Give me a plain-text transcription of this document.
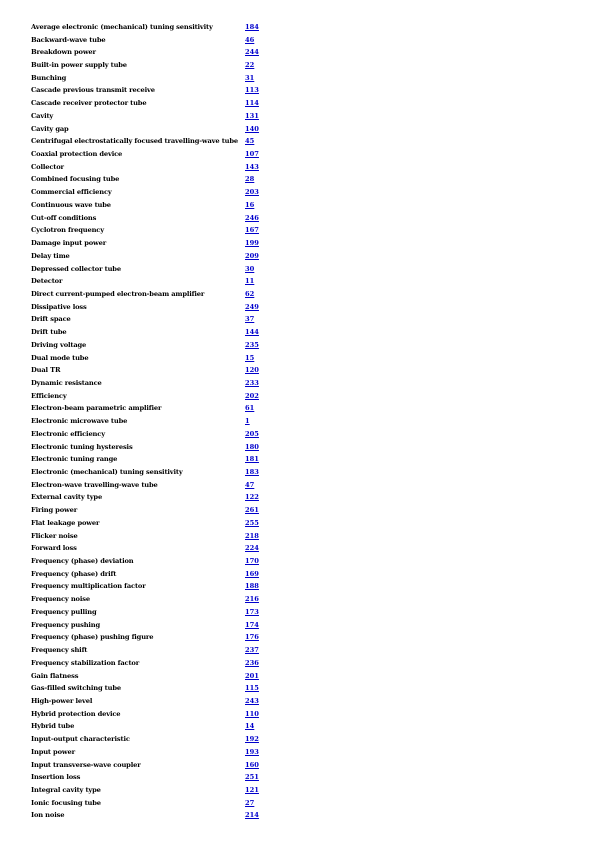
Average electronic (mechanical) tuning sensitivity	184
Backward-wave tube	46
Breakdown power	244
Built-in power supply tube	22
Bunching	31
Cascade previous transmit receive	113
Cascade receiver protector tube	114
Cavity	131
Cavity gap	140
Centrifugal electrostatically focused travelling-wave tube	45
Coaxial protection device	107
Collector	143
Combined focusing tube	28
Commercial efficiency	203
Continuous wave tube	16
Cut-off conditions	246
Cyclotron frequency	167
Damage input power	199
Delay time	209
Depressed collector tube	30
Detector	11
Direct current-pumped electron-beam amplifier	62
Dissipative loss	249
Drift space	37
Drift tube	144
Driving voltage	235
Dual mode tube	15
Dual TR	120
Dynamic resistance	233
Efficiency	202
Electron-beam parametric amplifier	61
Electronic microwave tube	1
Electronic efficiency	205
Electronic tuning hysteresis	180
Electronic tuning range	181
Electronic (mechanical) tuning sensitivity	183
Electron-wave travelling-wave tube	47
External cavity type	122
Firing power	261
Flat leakage power	255
Flicker noise	218
Forward loss	224
Frequency (phase) deviation	170
Frequency (phase) drift	169
Frequency multiplication factor	188
Frequency noise	216
Frequency pulling	173
Frequency pushing	174
Frequency (phase) pushing figure	176
Frequency shift	237
Frequency stabilization factor	236
Gain flatness	201
Gas-filled switching tube	115
High-power level	243
Hybrid protection device	110
Hybrid tube	14
Input-output characteristic	192
Input power	193
Input transverse-wave coupler	160
Insertion loss	251
Integral cavity type	121
Ionic focusing tube	27
Ion noise	214
